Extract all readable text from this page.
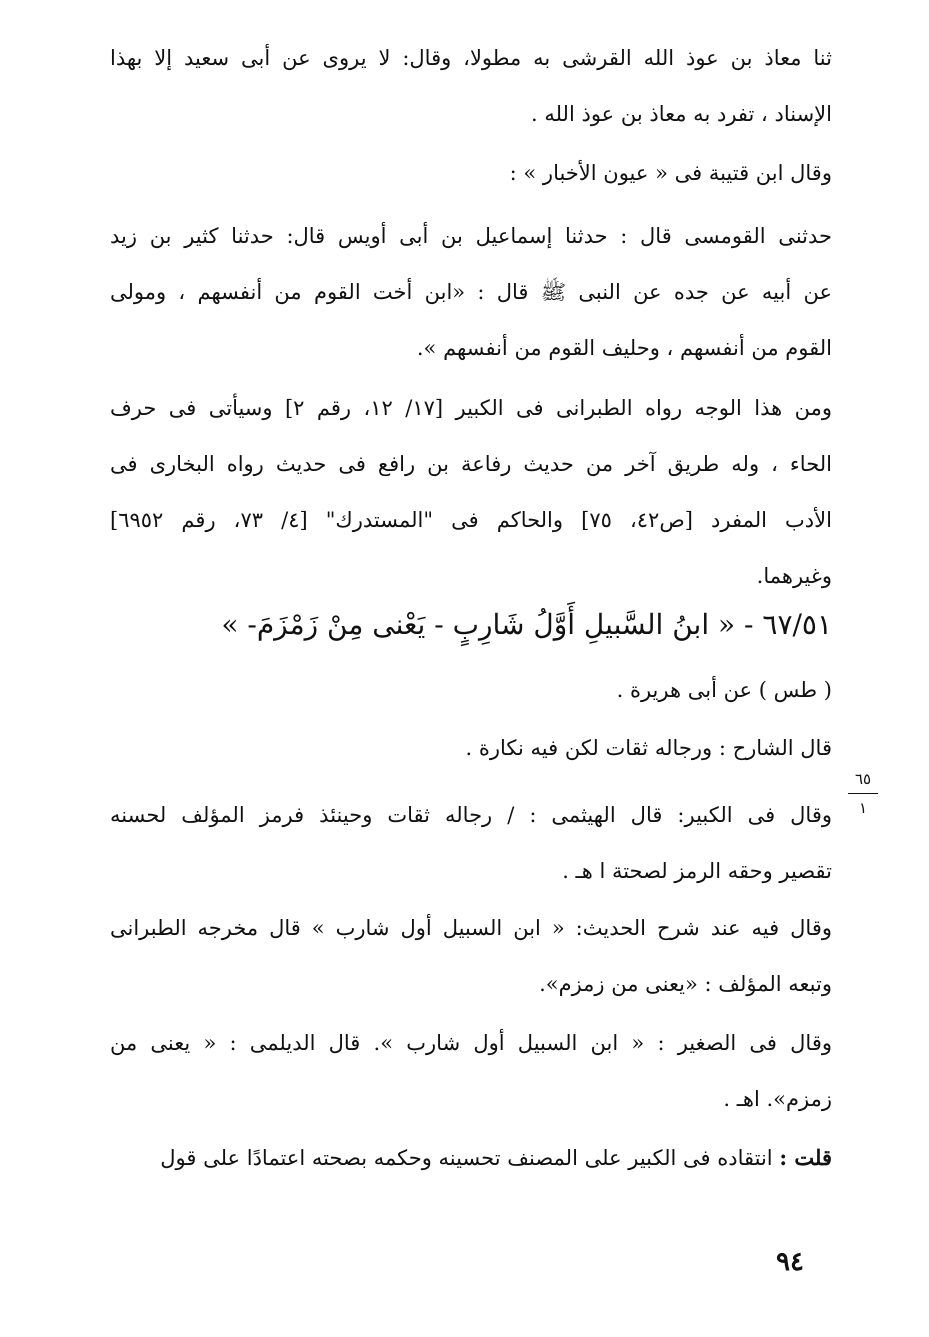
ثنا معاذ بن عوذ الله القرشى به مطولا، وقال: لا يروى عن أبى سعيد إلا بهذا
الإسناد ، تفرد به معاذ بن عوذ الله .
وقال ابن قتيبة فى « عيون الأخبار » :
حدثنى القومسى قال : حدثنا إسماعيل بن أبى أويس قال: حدثنا كثير بن زيد
عن أبيه عن جده عن النبى ﷺ قال : «ابن أخت القوم من أنفسهم ، ومولى
القوم من أنفسهم ، وحليف القوم من أنفسهم ».
ومن هذا الوجه رواه الطبرانى فى الكبير [١٧/ ١٢، رقم ٢] وسيأتى فى حرف
الحاء ، وله طريق آخر من حديث رفاعة بن رافع فى حديث رواه البخارى فى
الأدب المفرد [ص٤٢، ٧٥] والحاكم فى "المستدرك" [٤/ ٧٣، رقم ٦٩٥٢]
وغيرهما.
٦٧/٥١ - « ابنُ السَّبيلِ أَوَّلُ شَارِبٍ - يَعْنى مِنْ زَمْزَمَ- »
( طس ) عن أبى هريرة .
قال الشارح : ورجاله ثقات لكن فيه نكارة .
وقال فى الكبير: قال الهيثمى : / رجاله ثقات وحينئذ فرمز المؤلف لحسنه
تقصير وحقه الرمز لصحتة ا هـ .
وقال فيه عند شرح الحديث: « ابن السبيل أول شارب » قال مخرجه الطبرانى
وتبعه المؤلف : «يعنى من زمزم».
وقال فى الصغير : « ابن السبيل أول شارب ». قال الديلمى : « يعنى من
زمزم». اهـ .
قلت : انتقاده فى الكبير على المصنف تحسينه وحكمه بصحته اعتمادًا على قول
٦٥
١
٩٤
